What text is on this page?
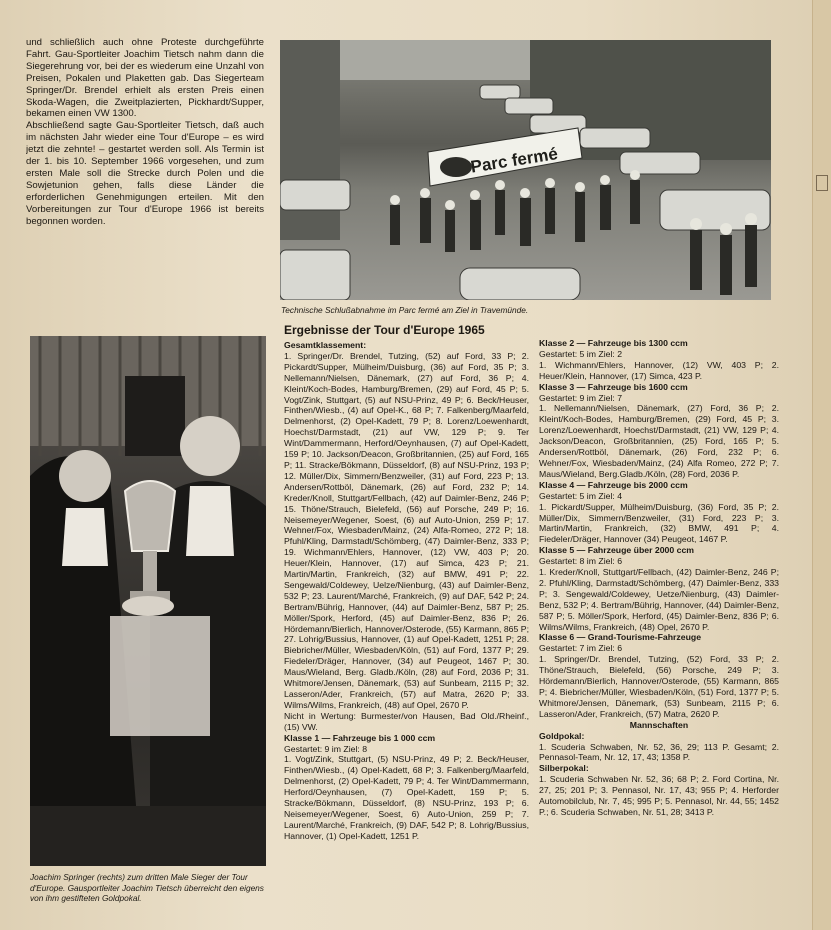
und schließlich auch ohne Proteste durchgeführte Fahrt. Gau-Sportleiter Joachim Tietsch nahm dann die Siegerehrung vor, bei der es wiederum eine Unzahl von Preisen, Pokalen und Plaketten gab. Das Siegerteam Springer/Dr. Brendel erhielt als ersten Preis einen Skoda-Wagen, die Zweitplazierten, Pickhardt/Supper, bekamen einen VW 1300.

Abschließend sagte Gau-Sportleiter Tietsch, daß auch im nächsten Jahr wieder eine Tour d'Europe – es wird jetzt die zehnte! – gestartet werden soll. Als Termin ist der 1. bis 10. September 1966 vorgesehen, und zum ersten Male soll die Strecke durch Polen und die Sowjetunion gehen, falls diese Länder die erforderlichen Genehmigungen erteilen. Mit den Vorbereitungen zur Tour d'Europe 1966 ist bereits begonnen worden.

Parc fermé
Technische Schlußabnahme im Parc fermé am Ziel in Travemünde.
Joachim Springer (rechts) zum dritten Male Sieger der Tour d'Europe. Gausportleiter Joachim Tietsch überreicht den eigens von ihm gestifteten Goldpokal.
Ergebnisse der Tour d'Europe 1965
Gesamtklassement:
1. Springer/Dr. Brendel, Tutzing, (52) auf Ford, 33 P; 2. Pickardt/Supper, Mülheim/Duisburg, (36) auf Ford, 35 P; 3. Nellemann/Nielsen, Dänemark, (27) auf Ford, 36 P; 4. Kleint/Koch-Bodes, Hamburg/Bremen, (29) auf Ford, 45 P; 5. Vogt/Zink, Stuttgart, (5) auf NSU-Prinz, 49 P; 6. Beck/Heuser, Finthen/Wiesb., (4) auf Opel-K., 68 P; 7. Falkenberg/Maarfeld, Delmenhorst, (2) Opel-Kadett, 79 P; 8. Lorenz/Loewenhardt, Hoechst/Darmstadt, (21) auf VW, 129 P; 9. Ter Wint/Dammermann, Herford/Oeynhausen, (7) auf Opel-Kadett, 159 P; 10. Jackson/Deacon, Großbritannien, (25) auf Ford, 165 P; 11. Stracke/Bökmann, Düsseldorf, (8) auf NSU-Prinz, 193 P; 12. Müller/Dix, Simmern/Benzweiler, (31) auf Ford, 223 P; 13. Andersen/Rottböl, Dänemark, (26) auf Ford, 232 P; 14. Kreder/Knoll, Stuttgart/Fellbach, (42) auf Daimler-Benz, 246 P; 15. Thöne/Strauch, Bielefeld, (56) auf Porsche, 249 P; 16. Neisemeyer/Wegener, Soest, (6) auf Auto-Union, 259 P; 17. Wehner/Fox, Wiesbaden/Mainz, (24) Alfa-Romeo, 272 P; 18. Pfuhl/Kling, Darmstadt/Schömberg, (47) Daimler-Benz, 333 P; 19. Wichmann/Ehlers, Hannover, (12) VW, 403 P; 20. Heuer/Klein, Hannover, (17) auf Simca, 423 P; 21. Martin/Martin, Frankreich, (32) auf BMW, 491 P; 22. Sengewald/Coldewey, Uelze/Nienburg, (43) auf Daimler-Benz, 532 P; 23. Laurent/Marché, Frankreich, (9) auf DAF, 542 P; 24. Bertram/Bührig, Hannover, (44) auf Daimler-Benz, 587 P; 25. Möller/Spork, Herford, (45) auf Daimler-Benz, 836 P; 26. Hördemann/Bierlich, Hannover/Osterode, (55) Karmann, 865 P; 27. Lohrig/Bussius, Hannover, (1) auf Opel-Kadett, 1251 P; 28. Biebricher/Müller, Wiesbaden/Köln, (51) auf Ford, 1377 P; 29. Fiedeler/Dräger, Hannover, (34) auf Peugeot, 1467 P; 30. Maus/Wieland, Berg. Gladb./Köln, (28) auf Ford, 2036 P; 31. Whitmore/Jensen, Dänemark, (53) auf Sunbeam, 2115 P; 32. Lasseron/Ader, Frankreich, (57) auf Matra, 2620 P; 33. Wilms/Wilms, Frankreich, (48) auf Opel, 2670 P.
Nicht in Wertung: Burmester/von Hausen, Bad Old./Rheinf., (15) VW.
Klasse 1 — Fahrzeuge bis 1 000 ccm
Gestartet: 9 im Ziel: 8
1. Vogt/Zink, Stuttgart, (5) NSU-Prinz, 49 P; 2. Beck/Heuser, Finthen/Wiesb., (4) Opel-Kadett, 68 P; 3. Falkenberg/Maarfeld, Delmenhorst, (2) Opel-Kadett, 79 P; 4. Ter Wint/Dammermann, Herford/Oeynhausen, (7) Opel-Kadett, 159 P; 5. Stracke/Bökmann, Düsseldorf, (8) NSU-Prinz, 193 P; 6. Neisemeyer/Wegener, Soest, 6) Auto-Union, 259 P; 7. Laurent/Marché, Frankreich, (9) DAF, 542 P; 8. Lohrig/Bussius, Hannover, (1) Opel-Kadett, 1251 P.
Klasse 2 — Fahrzeuge bis 1300 ccm
Gestartet: 5 im Ziel: 2
1. Wichmann/Ehlers, Hannover, (12) VW, 403 P; 2. Heuer/Klein, Hannover, (17) Simca, 423 P.
Klasse 3 — Fahrzeuge bis 1600 ccm
Gestartet: 9 im Ziel: 7
1. Nellemann/Nielsen, Dänemark, (27) Ford, 36 P; 2. Kleint/Koch-Bodes, Hamburg/Bremen, (29) Ford, 45 P; 3. Lorenz/Loewenhardt, Hoechst/Darmstadt, (21) VW, 129 P; 4. Jackson/Deacon, Großbritannien, (25) Ford, 165 P; 5. Andersen/Rottböl, Dänemark, (26) Ford, 232 P; 6. Wehner/Fox, Wiesbaden/Mainz, (24) Alfa Romeo, 272 P; 7. Maus/Wieland, Berg.Gladb./Köln, (28) Ford, 2036 P.
Klasse 4 — Fahrzeuge bis 2000 ccm
Gestartet: 5 im Ziel: 4
1. Pickardt/Supper, Mülheim/Duisburg, (36) Ford, 35 P; 2. Müller/Dix, Simmern/Benzweiler, (31) Ford, 223 P; 3. Martin/Martin, Frankreich, (32) BMW, 491 P; 4. Fiedeler/Dräger, Hannover (34) Peugeot, 1467 P.
Klasse 5 — Fahrzeuge über 2000 ccm
Gestartet: 8 im Ziel: 6
1. Kreder/Knoll, Stuttgart/Fellbach, (42) Daimler-Benz, 246 P; 2. Pfuhl/Kling, Darmstadt/Schömberg, (47) Daimler-Benz, 333 P; 3. Sengewald/Coldewey, Uetze/Nienburg, (43) Daimler-Benz, 532 P; 4. Bertram/Bührig, Hannover, (44) Daimler-Benz, 587 P; 5. Möller/Spork, Herford, (45) Daimler-Benz, 836 P; 6. Wilms/Wilms, Frankreich, (48) Opel, 2670 P.
Klasse 6 — Grand-Tourisme-Fahrzeuge
Gestartet: 7 im Ziel: 6
1. Springer/Dr. Brendel, Tutzing, (52) Ford, 33 P; 2. Thöne/Strauch, Bielefeld, (56) Porsche, 249 P; 3. Hördemann/Bierlich, Hannover/Osterode, (55) Karmann, 865 P; 4. Biebricher/Müller, Wiesbaden/Köln, (51) Ford, 1377 P; 5. Whitmore/Jensen, Dänemark, (53) Sunbeam, 2115 P; 6. Lasseron/Ader, Frankreich, (57) Matra, 2620 P.
Mannschaften
Goldpokal:
1. Scuderia Schwaben, Nr. 52, 36, 29; 113 P. Gesamt; 2. Pennasol-Team, Nr. 12, 17, 43; 1358 P.
Silberpokal:
1. Scuderia Schwaben Nr. 52, 36; 68 P; 2. Ford Cortina, Nr. 27, 25; 201 P; 3. Pennasol, Nr. 17, 43; 955 P; 4. Herforder Automobilclub, Nr. 7, 45; 995 P; 5. Pennasol, Nr. 44, 55; 1452 P.; 6. Scuderia Schwaben, Nr. 51, 28; 3413 P.
